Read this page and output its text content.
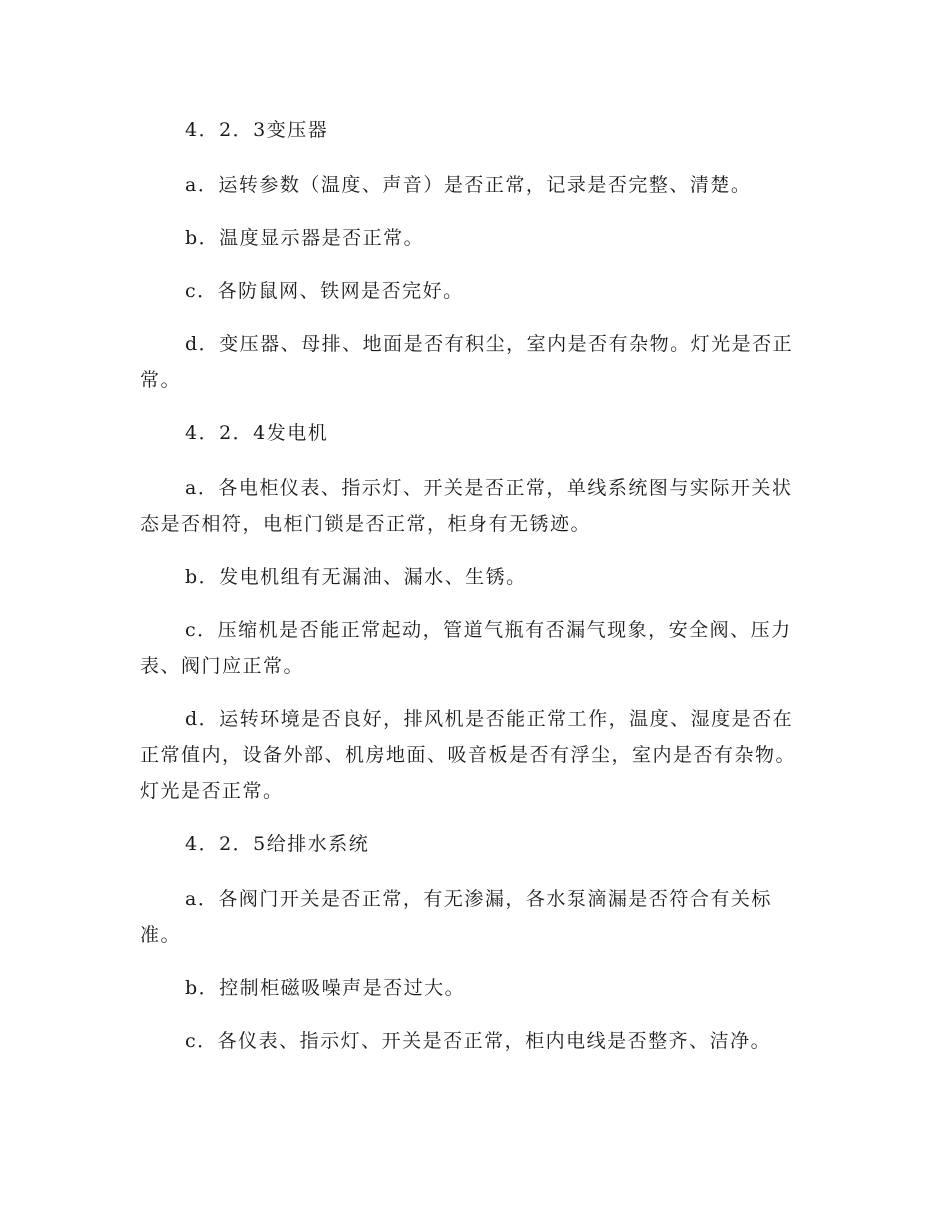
4．2．3变压器

a．运转参数（温度、声音）是否正常，记录是否完整、清楚。

b．温度显示器是否正常。

c．各防鼠网、铁网是否完好。

d．变压器、母排、地面是否有积尘，室内是否有杂物。灯光是否正常。

4．2．4发电机

a．各电柜仪表、指示灯、开关是否正常，单线系统图与实际开关状态是否相符，电柜门锁是否正常，柜身有无锈迹。

b．发电机组有无漏油、漏水、生锈。

c．压缩机是否能正常起动，管道气瓶有否漏气现象，安全阀、压力表、阀门应正常。

d．运转环境是否良好，排风机是否能正常工作，温度、湿度是否在正常值内，设备外部、机房地面、吸音板是否有浮尘，室内是否有杂物。灯光是否正常。

4．2．5给排水系统

a．各阀门开关是否正常，有无渗漏，各水泵滴漏是否符合有关标准。

b．控制柜磁吸噪声是否过大。

c．各仪表、指示灯、开关是否正常，柜内电线是否整齐、洁净。
